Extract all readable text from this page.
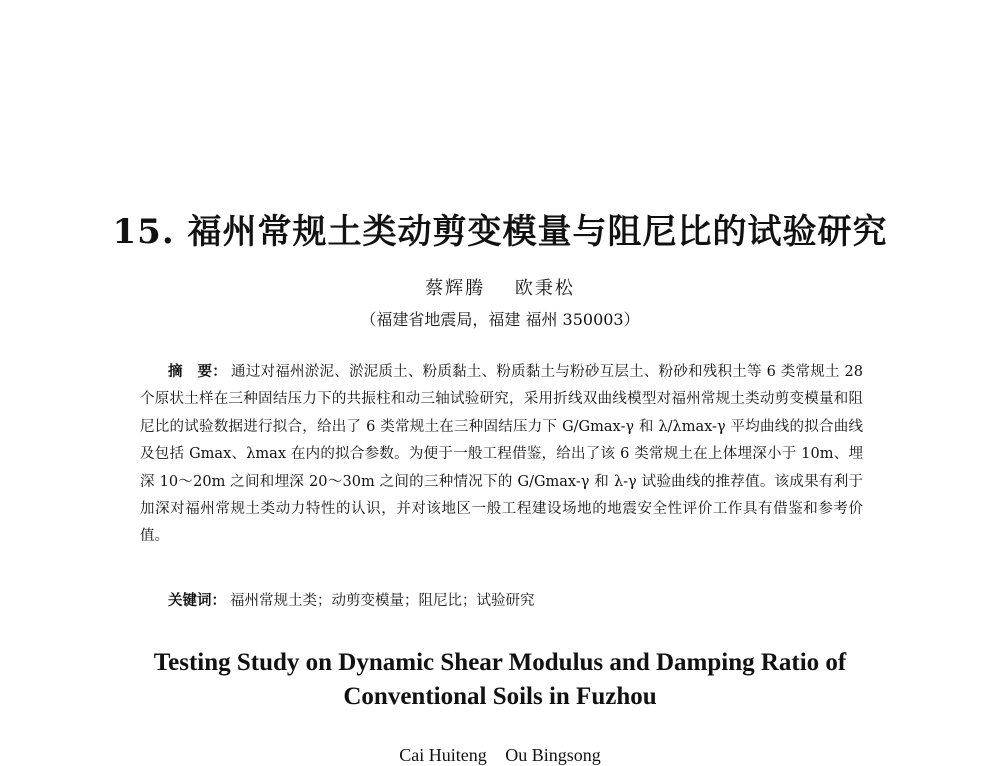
15. 福州常规土类动剪变模量与阻尼比的试验研究
蔡辉腾 欧秉松
（福建省地震局，福建 福州 350003）
摘　要： 通过对福州淤泥、淤泥质土、粉质黏土、粉质黏土与粉砂互层土、粉砂和残积土等 6 类常规土 28 个原状土样在三种固结压力下的共振柱和动三轴试验研究，采用折线双曲线模型对福州常规土类动剪变模量和阻尼比的试验数据进行拟合，给出了 6 类常规土在三种固结压力下 G/Gmax-γ 和 λ/λmax-γ 平均曲线的拟合曲线及包括 Gmax、λmax 在内的拟合参数。为便于一般工程借鉴，给出了该 6 类常规土在上体埋深小于 10m、埋深 10～20m 之间和埋深 20～30m 之间的三种情况下的 G/Gmax-γ 和 λ-γ 试验曲线的推荐值。该成果有利于加深对福州常规土类动力特性的认识，并对该地区一般工程建设场地的地震安全性评价工作具有借鉴和参考价值。
关键词： 福州常规土类；动剪变模量；阻尼比；试验研究
Testing Study on Dynamic Shear Modulus and Damping Ratio of
Conventional Soils in Fuzhou
Cai Huiteng Ou Bingsong
